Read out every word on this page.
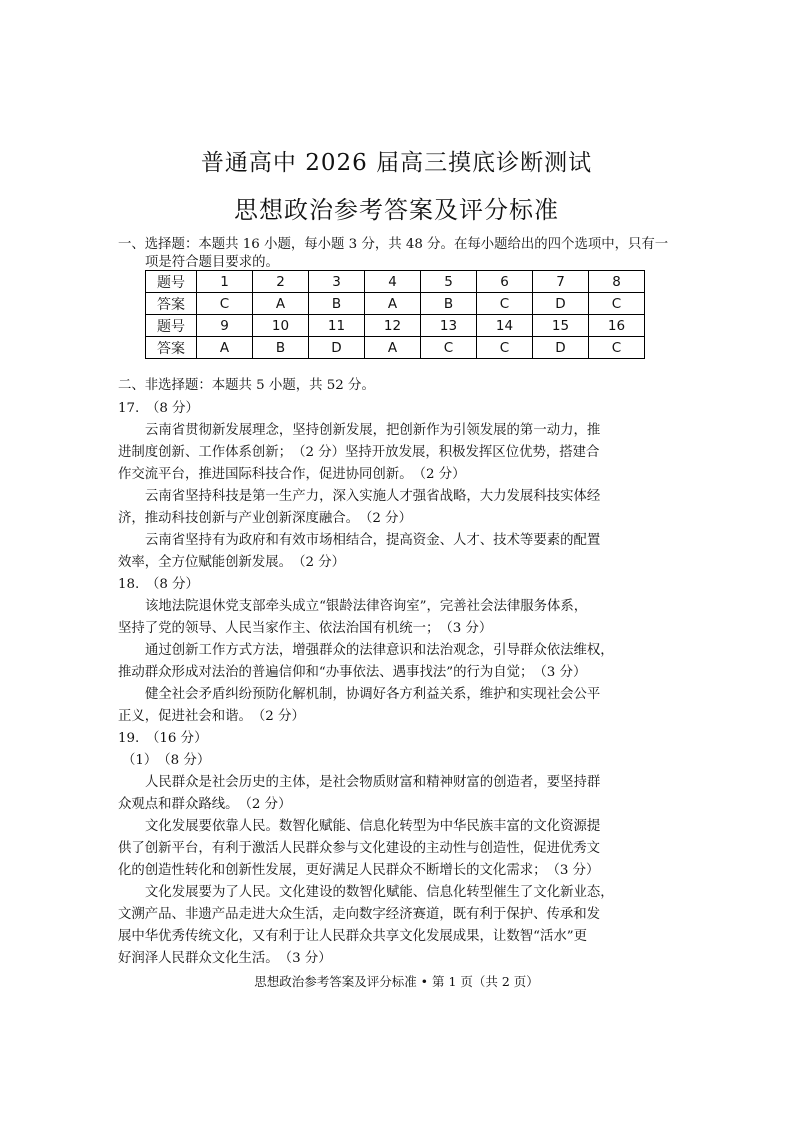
普通高中 2026 届高三摸底诊断测试
思想政治参考答案及评分标准
一、选择题：本题共 16 小题，每小题 3 分，共 48 分。在每小题给出的四个选项中，只有一
项是符合题目要求的。
题号	1	2	3	4	5	6	7	8
答案	C	A	B	A	B	C	D	C
题号	9	10	11	12	13	14	15	16
答案	A	B	D	A	C	C	D	C
二、非选择题：本题共 5 小题，共 52 分。
17.　（8 分）
云南省贯彻新发展理念，坚持创新发展，把创新作为引领发展的第一动力，推
进制度创新、工作体系创新；　（2 分）坚持开放发展，积极发挥区位优势，搭建合
作交流平台，推进国际科技合作，促进协同创新。　（2 分）
云南省坚持科技是第一生产力，深入实施人才强省战略，大力发展科技实体经
济，推动科技创新与产业创新深度融合。　（2 分）
云南省坚持有为政府和有效市场相结合，提高资金、人才、技术等要素的配置
效率，全方位赋能创新发展。　（2 分）
18.　（8 分）
该地法院退休党支部牵头成立“银龄法律咨询室”，完善社会法律服务体系，
坚持了党的领导、人民当家作主、依法治国有机统一；　（3 分）
通过创新工作方式方法，增强群众的法律意识和法治观念，引导群众依法维权，
推动群众形成对法治的普遍信仰和“办事依法、遇事找法”的行为自觉；　（3 分）
健全社会矛盾纠纷预防化解机制，协调好各方利益关系，维护和实现社会公平
正义，促进社会和谐。　（2 分）
19.　（16 分）
（1）　（8 分）
人民群众是社会历史的主体，是社会物质财富和精神财富的创造者，要坚持群
众观点和群众路线。　（2 分）
文化发展要依靠人民。数智化赋能、信息化转型为中华民族丰富的文化资源提
供了创新平台，有利于激活人民群众参与文化建设的主动性与创造性，促进优秀文
化的创造性转化和创新性发展，更好满足人民群众不断增长的文化需求；　（3 分）
文化发展要为了人民。文化建设的数智化赋能、信息化转型催生了文化新业态，
文溯产品、非遗产品走进大众生活，走向数字经济赛道，既有利于保护、传承和发
展中华优秀传统文化，又有利于让人民群众共享文化发展成果，让数智“活水”更
好润泽人民群众文化生活。　（3 分）
思想政治参考答案及评分标准 • 第 1 页（共 2 页）
